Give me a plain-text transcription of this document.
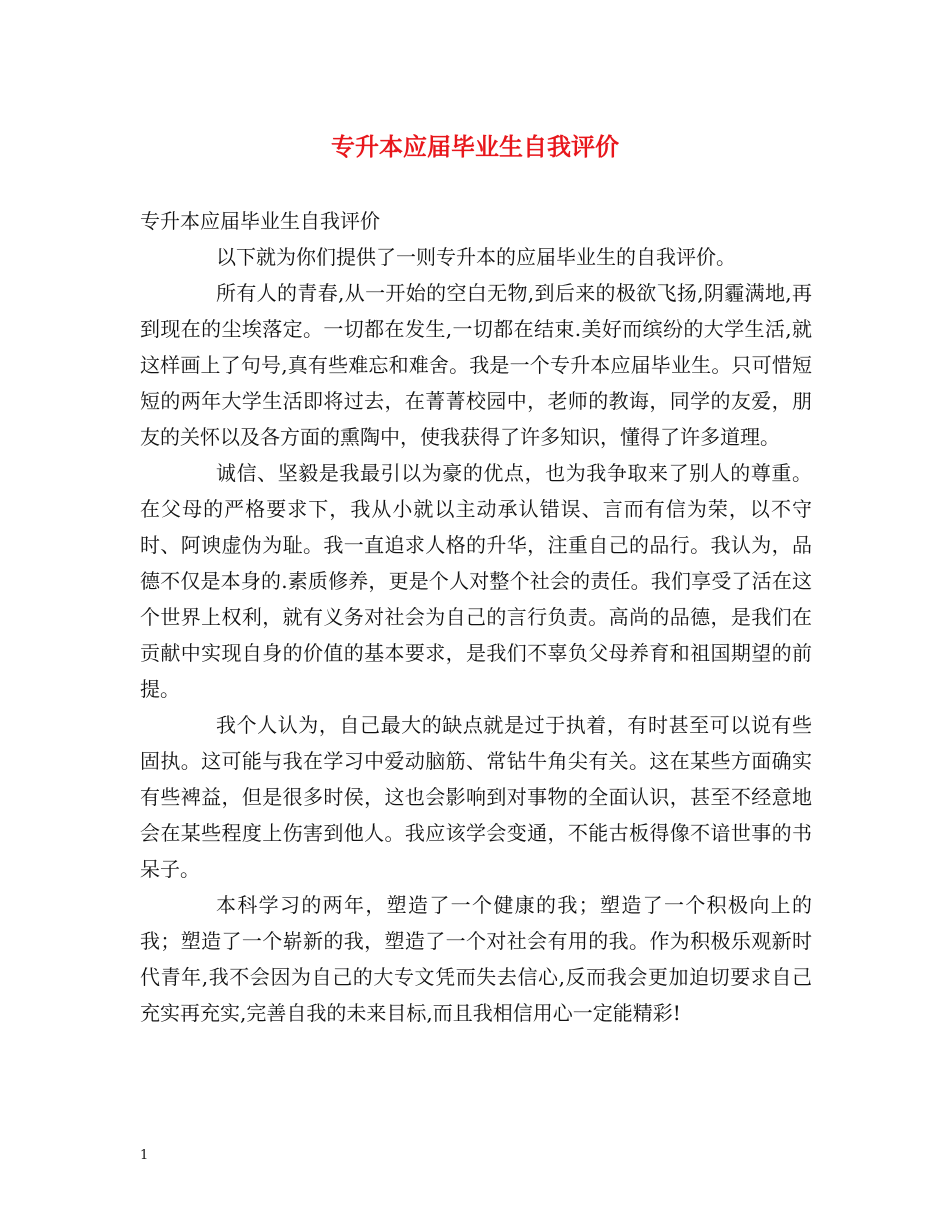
专升本应届毕业生自我评价

专升本应届毕业生自我评价

以下就为你们提供了一则专升本的应届毕业生的自我评价。

所有人的青春,从一开始的空白无物,到后来的极欲飞扬,阴霾满地,再到现在的尘埃落定。一切都在发生,一切都在结束.美好而缤纷的大学生活,就这样画上了句号,真有些难忘和难舍。我是一个专升本应届毕业生。只可惜短短的两年大学生活即将过去，在菁菁校园中，老师的教诲，同学的友爱，朋友的关怀以及各方面的熏陶中，使我获得了许多知识，懂得了许多道理。

诚信、坚毅是我最引以为豪的优点，也为我争取来了别人的尊重。在父母的严格要求下，我从小就以主动承认错误、言而有信为荣，以不守时、阿谀虚伪为耻。我一直追求人格的升华，注重自己的品行。我认为，品德不仅是本身的.素质修养，更是个人对整个社会的责任。我们享受了活在这个世界上权利，就有义务对社会为自己的言行负责。高尚的品德，是我们在贡献中实现自身的价值的基本要求，是我们不辜负父母养育和祖国期望的前提。

我个人认为，自己最大的缺点就是过于执着，有时甚至可以说有些固执。这可能与我在学习中爱动脑筋、常钻牛角尖有关。这在某些方面确实有些裨益，但是很多时侯，这也会影响到对事物的全面认识，甚至不经意地会在某些程度上伤害到他人。我应该学会变通，不能古板得像不谙世事的书呆子。

本科学习的两年，塑造了一个健康的我；塑造了一个积极向上的我；塑造了一个崭新的我，塑造了一个对社会有用的我。作为积极乐观新时代青年,我不会因为自己的大专文凭而失去信心,反而我会更加迫切要求自己充实再充实,完善自我的未来目标,而且我相信用心一定能精彩!

1
